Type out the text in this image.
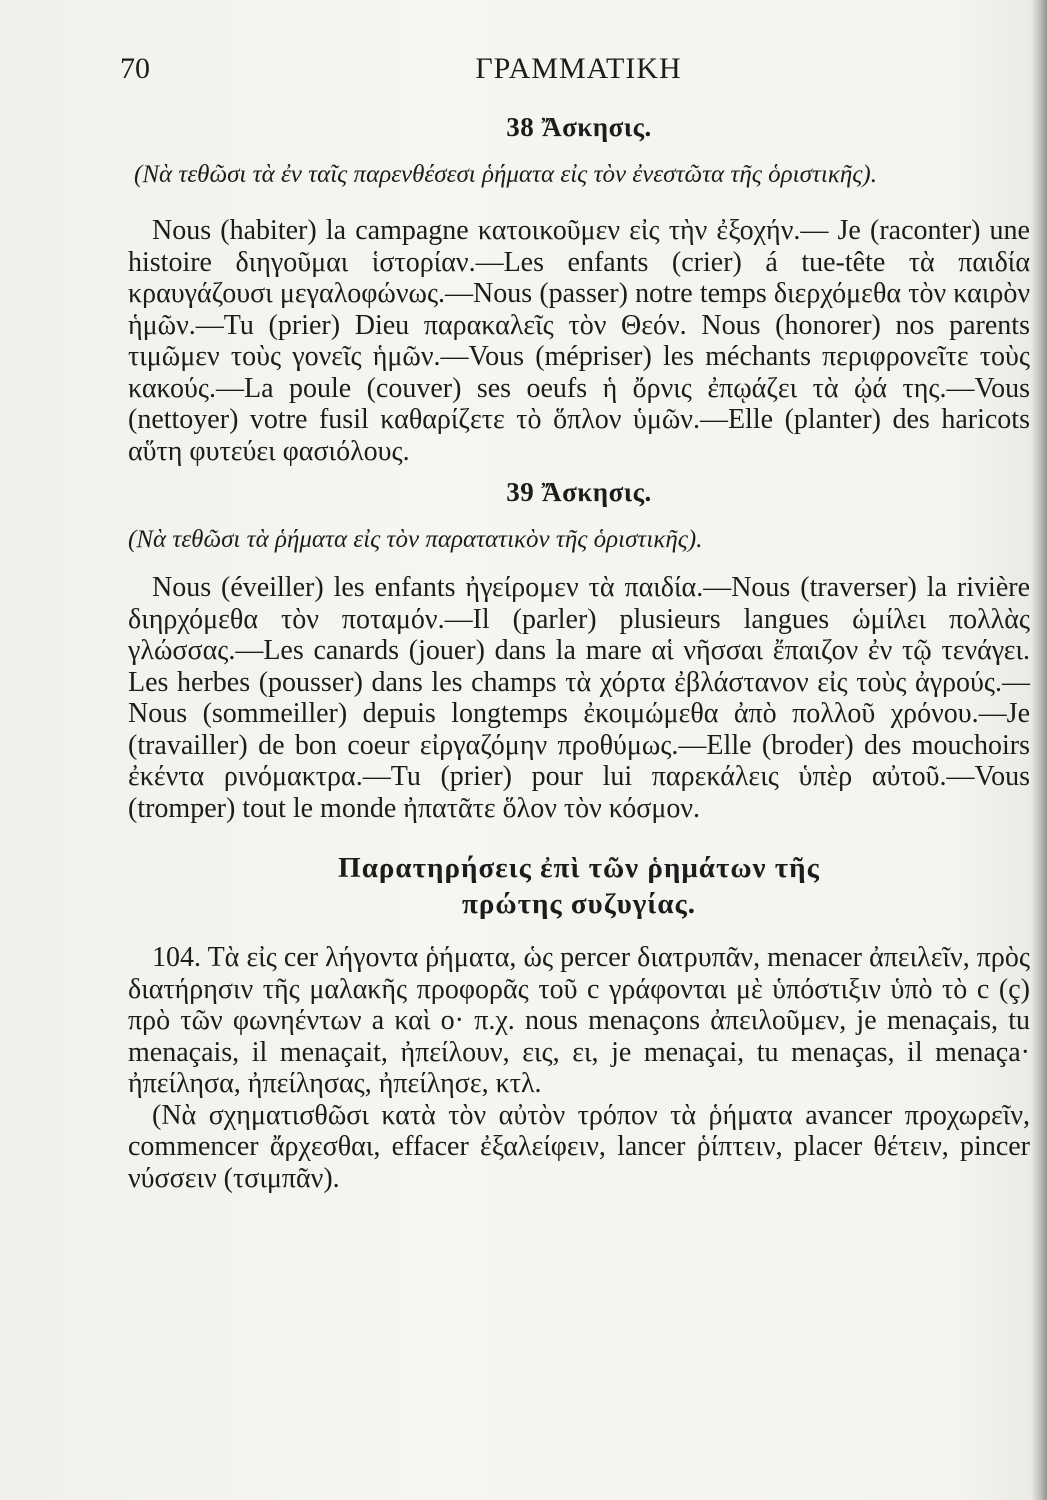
70	ΓΡΑΜΜΑΤΙΚΗ
38 Ἄσκησις.
(Νὰ τεθῶσι τὰ ἐν ταῖς παρενθέσεσι ῥήματα εἰς τὸν ἐνεστῶτα τῆς ὁριστικῆς).
Nous (habiter) la campagne κατοικοῦμεν εἰς τὴν ἐξοχήν.— Je (raconter) une histoire διηγοῦμαι ἱστορίαν.—Les enfants (crier) á tue-tête τὰ παιδία κραυγάζουσι μεγαλοφώνως.—Nous (passer) notre temps διερχόμεθα τὸν καιρὸν ἡμῶν.—Tu (prier) Dieu παρακαλεῖς τὸν Θεόν. Nous (honorer) nos parents τιμῶμεν τοὺς γονεῖς ἡμῶν.—Vous (mépriser) les méchants περιφρονεῖτε τοὺς κακούς.—La poule (couver) ses oeufs ἡ ὄρνις ἐπῳάζει τὰ ᾠά της.—Vous (nettoyer) votre fusil καθαρίζετε τὸ ὅπλον ὑμῶν.—Elle (planter) des haricots αὕτη φυτεύει φασιόλους.
39 Ἄσκησις.
(Νὰ τεθῶσι τὰ ῥήματα εἰς τὸν παρατατικὸν τῆς ὁριστικῆς).
Nous (éveiller) les enfants ἠγείρομεν τὰ παιδία.—Nous (traverser) la rivière διηρχόμεθα τὸν ποταμόν.—Il (parler) plusieurs langues ὡμίλει πολλὰς γλώσσας.—Les canards (jouer) dans la mare αἱ νῆσσαι ἔπαιζον ἐν τῷ τενάγει. Les herbes (pousser) dans les champs τὰ χόρτα ἐβλάστανον εἰς τοὺς ἀγρούς.—Nous (sommeiller) depuis longtemps ἐκοιμώμεθα ἀπὸ πολλοῦ χρόνου.—Je (travailler) de bon coeur εἰργαζόμην προθύμως.—Elle (broder) des mouchoirs ἐκέντα ρινόμακτρα.—Tu (prier) pour lui παρεκάλεις ὑπὲρ αὐτοῦ.—Vous (tromper) tout le monde ἠπατᾶτε ὅλον τὸν κόσμον.
Παρατηρήσεις ἐπὶ τῶν ῥημάτων τῆς
πρώτης συζυγίας.
104. Τὰ εἰς cer λήγοντα ῥήματα, ὡς percer διατρυπᾶν, menacer ἀπειλεῖν, πρὸς διατήρησιν τῆς μαλακῆς προφορᾶς τοῦ c γράφονται μὲ ὑπόστιξιν ὑπὸ τὸ c (ç) πρὸ τῶν φωνηέντων a καὶ o· π.χ. nous menaçons ἀπειλοῦμεν, je menaçais, tu menaçais, il menaçait, ἠπείλουν, εις, ει, je menaçai, tu menaças, il menaça· ἠπείλησα, ἠπείλησας, ἠπείλησε, κτλ.
(Νὰ σχηματισθῶσι κατὰ τὸν αὐτὸν τρόπον τὰ ῥήματα avancer προχωρεῖν, commencer ἄρχεσθαι, effacer ἐξαλείφειν, lancer ῥίπτειν, placer θέτειν, pincer νύσσειν (τσιμπᾶν).
